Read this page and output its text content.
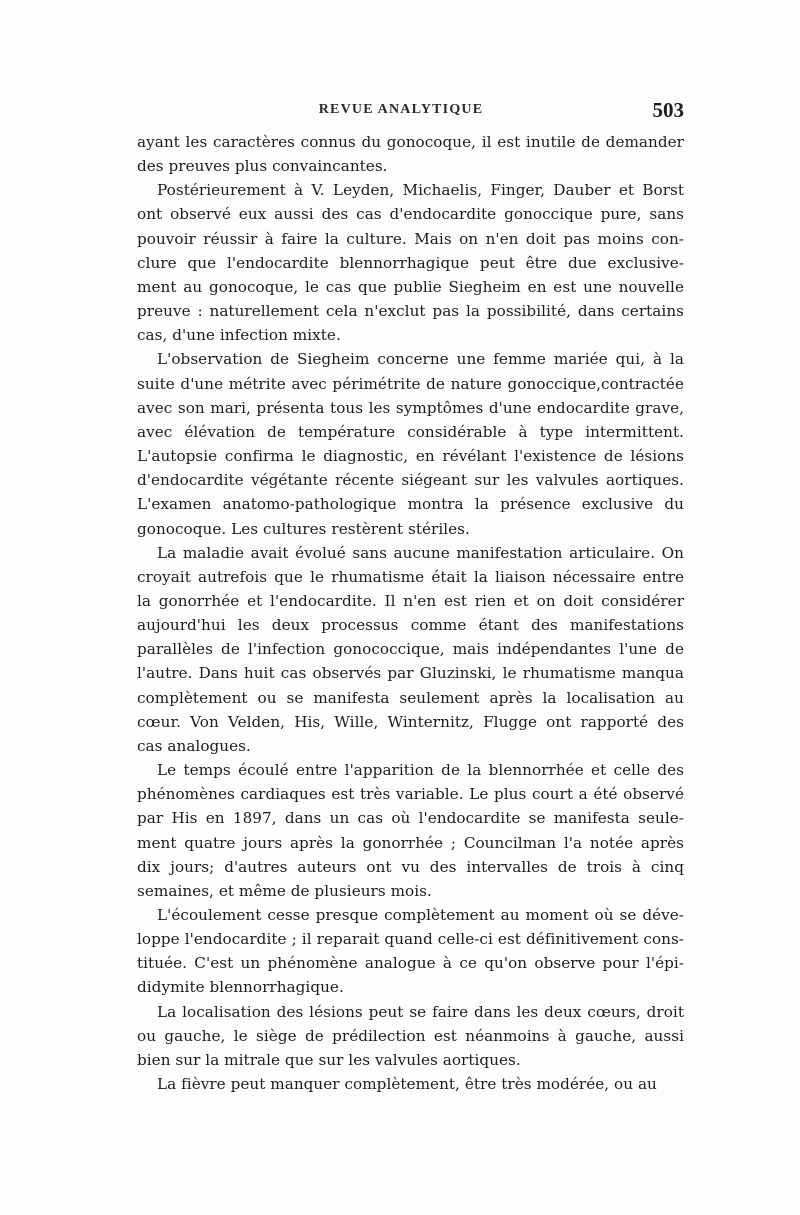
REVUE ANALYTIQUE	503
ayant les caractères connus du gonocoque, il est inutile de demander
des preuves plus convaincantes.
Postérieurement à V. Leyden, Michaelis, Finger, Dauber et Borst
ont observé eux aussi des cas d'endocardite gonoccique pure, sans
pouvoir réussir à faire la culture. Mais on n'en doit pas moins con-
clure que l'endocardite blennorrhagique peut être due exclusive-
ment au gonocoque, le cas que publie Siegheim en est une nouvelle
preuve : naturellement cela n'exclut pas la possibilité, dans certains
cas, d'une infection mixte.
L'observation de Siegheim concerne une femme mariée qui, à la
suite d'une métrite avec périmétrite de nature gonoccique,contractée
avec son mari, présenta tous les symptômes d'une endocardite grave,
avec élévation de température considérable à type intermittent.
L'autopsie confirma le diagnostic, en révélant l'existence de lésions
d'endocardite végétante récente siégeant sur les valvules aortiques.
L'examen anatomo-pathologique montra la présence exclusive du
gonocoque. Les cultures restèrent stériles.
La maladie avait évolué sans aucune manifestation articulaire. On
croyait autrefois que le rhumatisme était la liaison nécessaire entre
la gonorrhée et l'endocardite. Il n'en est rien et on doit considérer
aujourd'hui les deux processus comme étant des manifestations
parallèles de l'infection gonococcique, mais indépendantes l'une de
l'autre. Dans huit cas observés par Gluzinski, le rhumatisme manqua
complètement ou se manifesta seulement après la localisation au
cœur. Von Velden, His, Wille, Winternitz, Flugge ont rapporté des
cas analogues.
Le temps écoulé entre l'apparition de la blennorrhée et celle des
phénomènes cardiaques est très variable. Le plus court a été observé
par His en 1897, dans un cas où l'endocardite se manifesta seule-
ment quatre jours après la gonorrhée ; Councilman l'a notée après
dix jours; d'autres auteurs ont vu des intervalles de trois à cinq
semaines, et même de plusieurs mois.
L'écoulement cesse presque complètement au moment où se déve-
loppe l'endocardite ; il reparait quand celle-ci est définitivement cons-
tituée. C'est un phénomène analogue à ce qu'on observe pour l'épi-
didymite blennorrhagique.
La localisation des lésions peut se faire dans les deux cœurs, droit
ou gauche, le siège de prédilection est néanmoins à gauche, aussi
bien sur la mitrale que sur les valvules aortiques.
La fièvre peut manquer complètement, être très modérée, ou au
